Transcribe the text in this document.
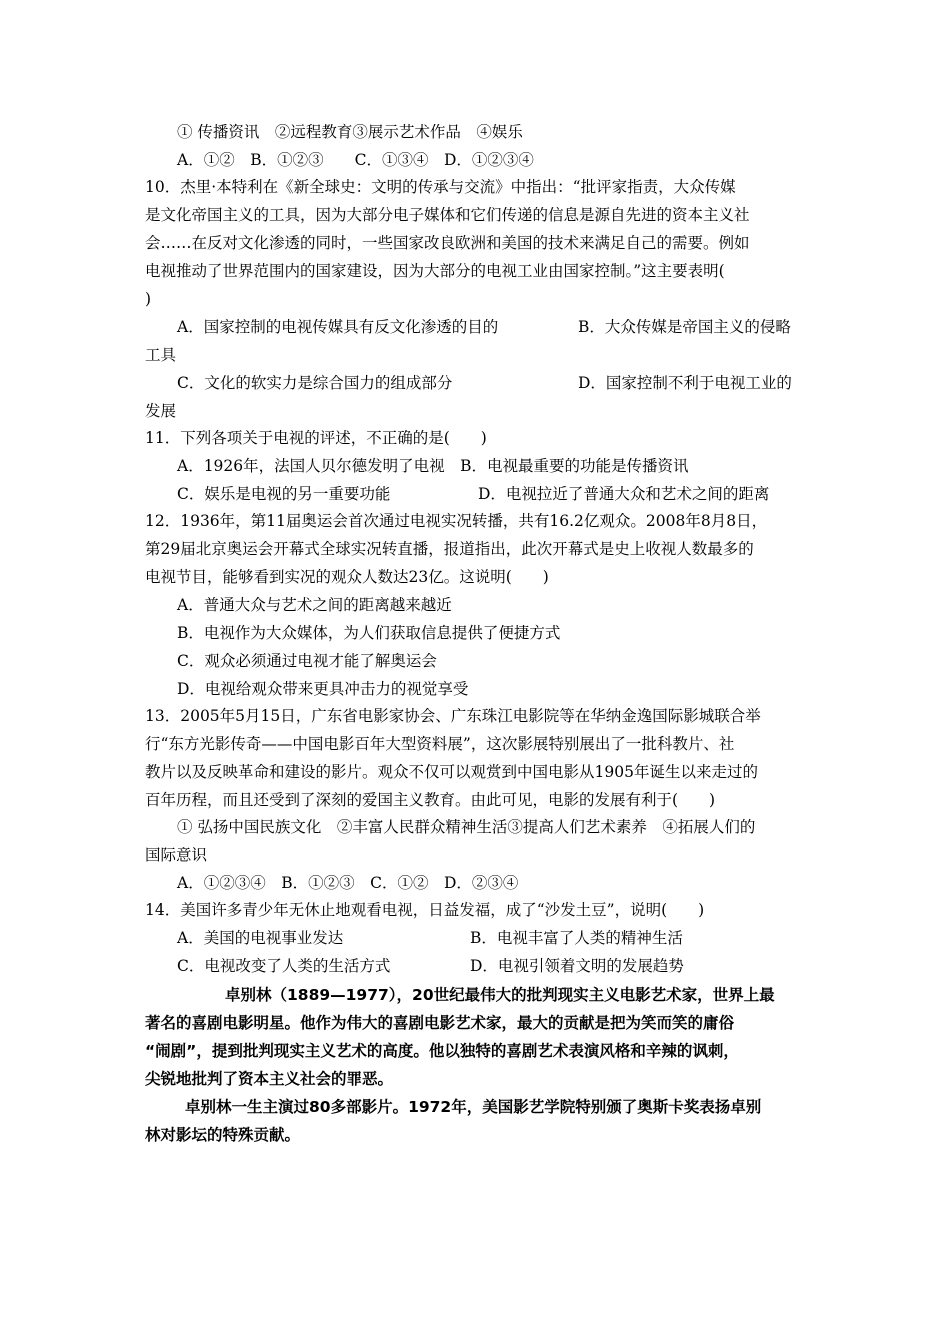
① 传播资讯　②远程教育③展示艺术作品　④娱乐
A．①②　B．①②③　　C．①③④　D．①②③④
10．杰里·本特利在《新全球史：文明的传承与交流》中指出：“批评家指责，大众传媒
是文化帝国主义的工具，因为大部分电子媒体和它们传递的信息是源自先进的资本主义社
会……在反对文化渗透的同时，一些国家改良欧洲和美国的技术来满足自己的需要。例如
电视推动了世界范围内的国家建设，因为大部分的电视工业由国家控制。”这主要表明(
)
A．国家控制的电视传媒具有反文化渗透的目的	B．大众传媒是帝国主义的侵略
工具
C．文化的软实力是综合国力的组成部分	D．国家控制不利于电视工业的
发展
11．下列各项关于电视的评述，不正确的是(　　)
A．1926年，法国人贝尔德发明了电视　B．电视最重要的功能是传播资讯
C．娱乐是电视的另一重要功能	D．电视拉近了普通大众和艺术之间的距离
12．1936年，第11届奥运会首次通过电视实况转播，共有16.2亿观众。2008年8月8日，
第29届北京奥运会开幕式全球实况转直播，报道指出，此次开幕式是史上收视人数最多的
电视节目，能够看到实况的观众人数达23亿。这说明(　　)
A．普通大众与艺术之间的距离越来越近
B．电视作为大众媒体，为人们获取信息提供了便捷方式
C．观众必须通过电视才能了解奥运会
D．电视给观众带来更具冲击力的视觉享受
13．2005年5月15日，广东省电影家协会、广东珠江电影院等在华纳金逸国际影城联合举
行“东方光影传奇——中国电影百年大型资料展”，这次影展特别展出了一批科教片、社
教片以及反映革命和建设的影片。观众不仅可以观赏到中国电影从1905年诞生以来走过的
百年历程，而且还受到了深刻的爱国主义教育。由此可见，电影的发展有利于(　　)
① 弘扬中国民族文化　②丰富人民群众精神生活③提高人们艺术素养　④拓展人们的
国际意识
A．①②③④　B．①②③　C．①②　D．②③④
14．美国许多青少年无休止地观看电视，日益发福，成了“沙发土豆”，说明(　　)
A．美国的电视事业发达	B．电视丰富了人类的精神生活
C．电视改变了人类的生活方式	D．电视引领着文明的发展趋势
卓别林（1889—1977），20世纪最伟大的批判现实主义电影艺术家，世界上最
著名的喜剧电影明星。他作为伟大的喜剧电影艺术家，最大的贡献是把为笑而笑的庸俗
“闹剧”，提到批判现实主义艺术的高度。他以独特的喜剧艺术表演风格和辛辣的讽刺，
尖锐地批判了资本主义社会的罪恶。
卓别林一生主演过80多部影片。1972年，美国影艺学院特别颁了奥斯卡奖表扬卓别
林对影坛的特殊贡献。
